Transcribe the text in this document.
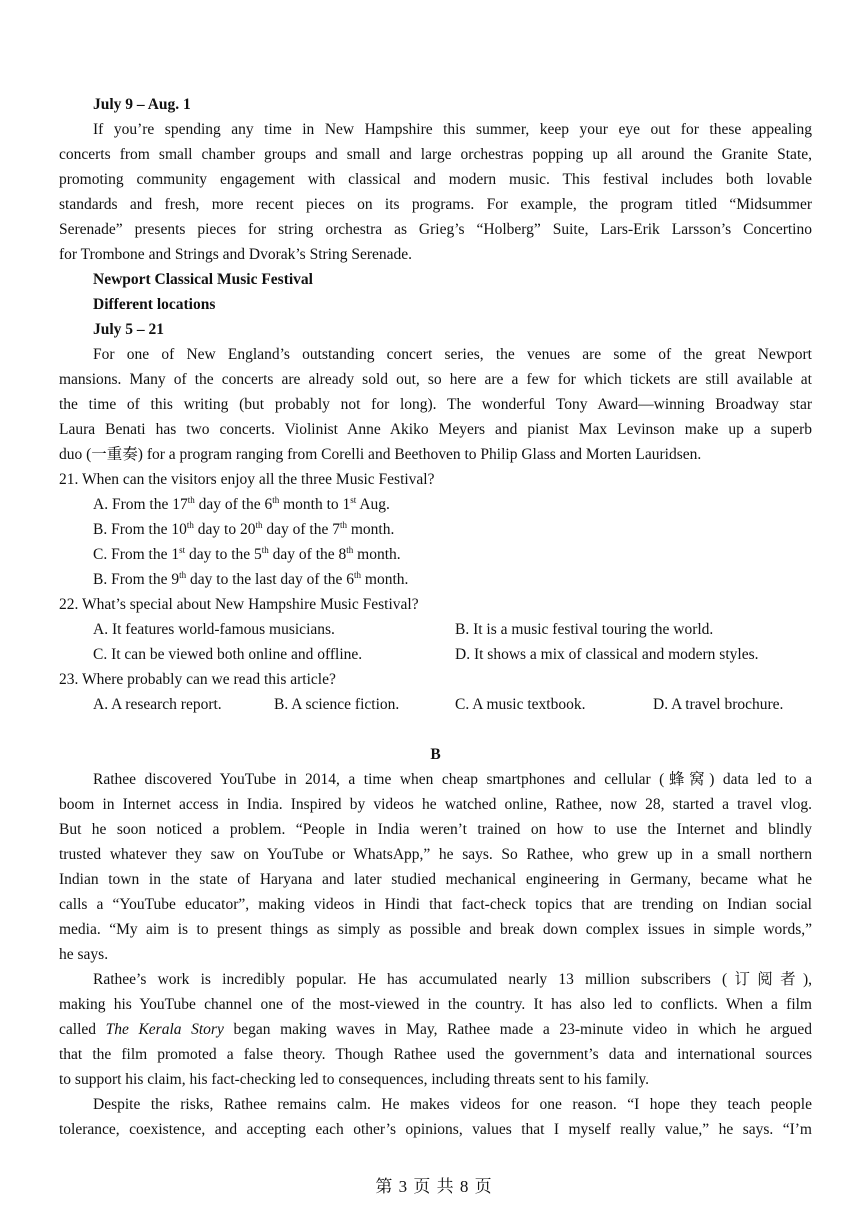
July 9 – Aug. 1
If you’re spending any time in New Hampshire this summer, keep your eye out for these appealing
concerts from small chamber groups and small and large orchestras popping up all around the Granite State,
promoting community engagement with classical and modern music. This festival includes both lovable
standards and fresh, more recent pieces on its programs. For example, the program titled “Midsummer
Serenade” presents pieces for string orchestra as Grieg’s “Holberg” Suite, Lars-Erik Larsson’s Concertino
for Trombone and Strings and Dvorak’s String Serenade.
Newport Classical Music Festival
Different locations
July 5 – 21
For one of New England’s outstanding concert series, the venues are some of the great Newport
mansions. Many of the concerts are already sold out, so here are a few for which tickets are still available at
the time of this writing (but probably not for long). The wonderful Tony Award—winning Broadway star
Laura Benati has two concerts. Violinist Anne Akiko Meyers and pianist Max Levinson make up a superb
duo (一重奏) for a program ranging from Corelli and Beethoven to Philip Glass and Morten Lauridsen.
21. When can the visitors enjoy all the three Music Festival?
A. From the 17th day of the 6th month to 1st Aug.
B. From the 10th day to 20th day of the 7th month.
C. From the 1st day to the 5th day of the 8th month.
B. From the 9th day to the last day of the 6th month.
22. What’s special about New Hampshire Music Festival?
A. It features world-famous musicians.	B. It is a music festival touring the world.
C. It can be viewed both online and offline.	D. It shows a mix of classical and modern styles.
23. Where probably can we read this article?
A. A research report.	B. A science fiction.	C. A music textbook.	D. A travel brochure.
B
Rathee discovered YouTube in 2014, a time when cheap smartphones and cellular (蜂窝) data led to a
boom in Internet access in India. Inspired by videos he watched online, Rathee, now 28, started a travel vlog.
But he soon noticed a problem. “People in India weren’t trained on how to use the Internet and blindly
trusted whatever they saw on YouTube or WhatsApp,” he says. So Rathee, who grew up in a small northern
Indian town in the state of Haryana and later studied mechanical engineering in Germany, became what he
calls a “YouTube educator”, making videos in Hindi that fact-check topics that are trending on Indian social
media. “My aim is to present things as simply as possible and break down complex issues in simple words,”
he says.
Rathee’s work is incredibly popular. He has accumulated nearly 13 million subscribers (订阅者),
making his YouTube channel one of the most-viewed in the country. It has also led to conflicts. When a film
called The Kerala Story began making waves in May, Rathee made a 23-minute video in which he argued
that the film promoted a false theory. Though Rathee used the government’s data and international sources
to support his claim, his fact-checking led to consequences, including threats sent to his family.
Despite the risks, Rathee remains calm. He makes videos for one reason. “I hope they teach people
tolerance, coexistence, and accepting each other’s opinions, values that I myself really value,” he says. “I’m
第 3 页 共 8 页
